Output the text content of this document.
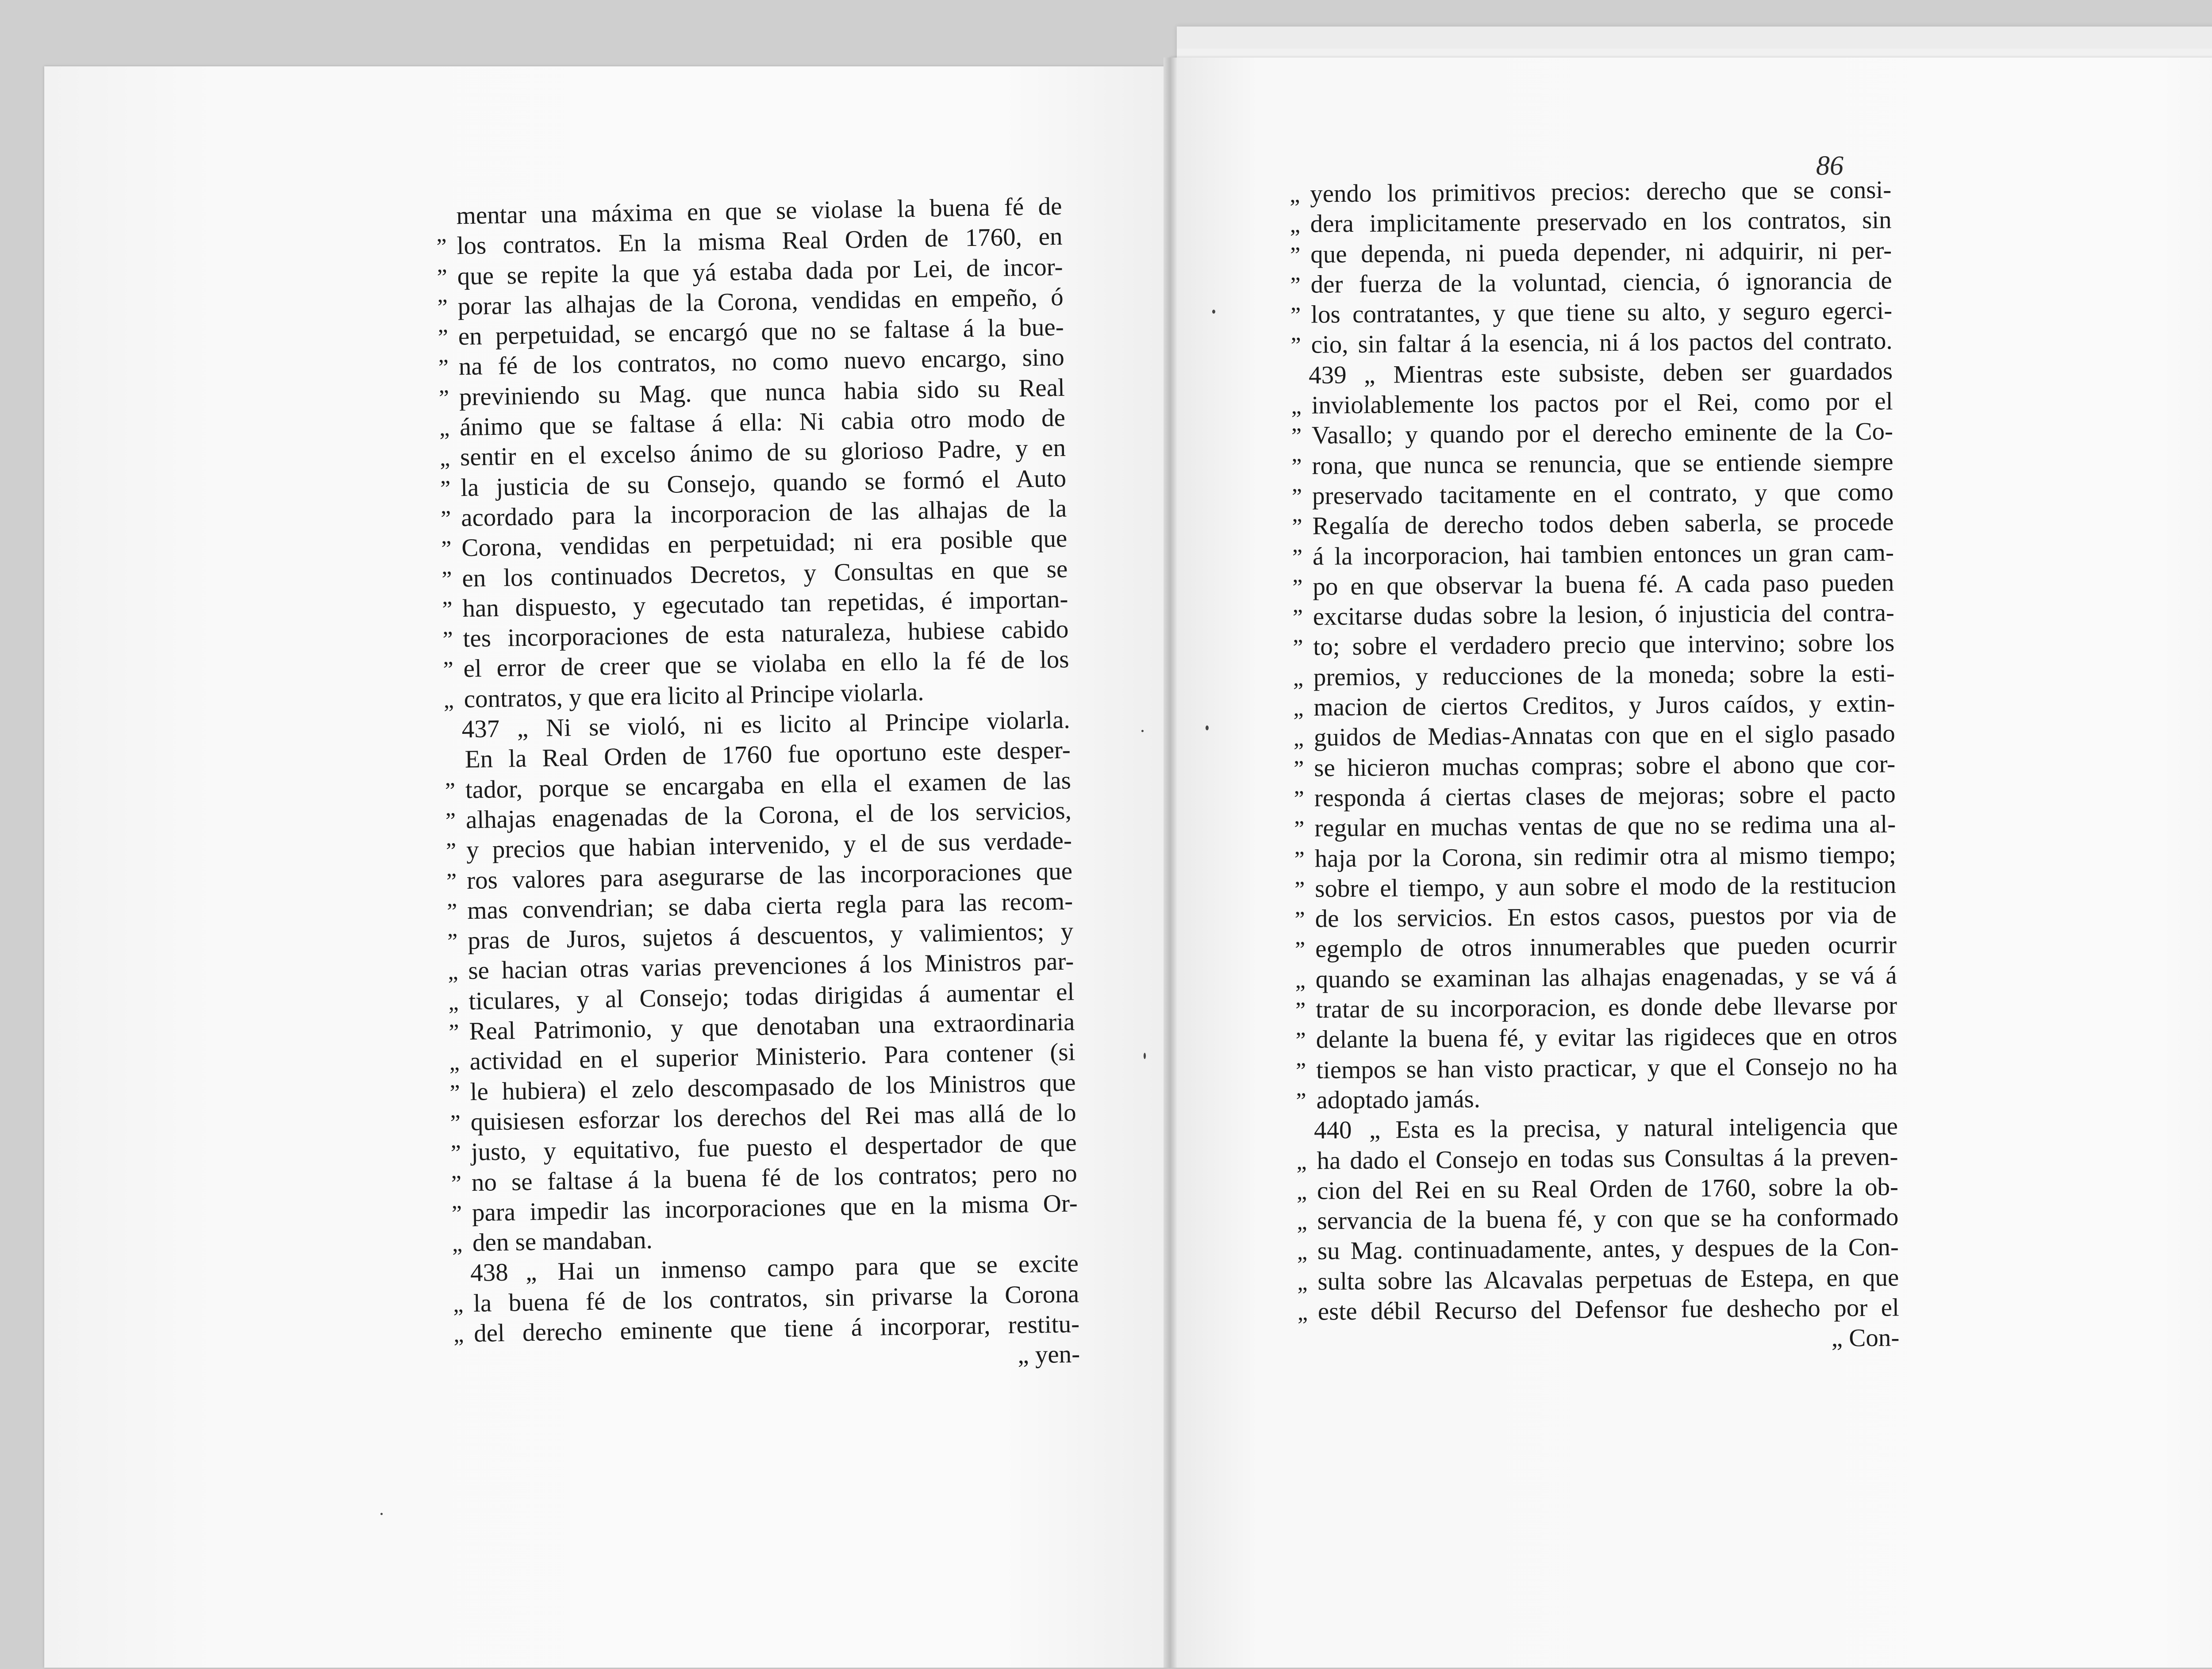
86
mentar una máxima en que se violase la buena fé de
” los contratos. En la misma Real Orden de 1760, en
” que se repite la que yá estaba dada por Lei, de incor-
” porar las alhajas de la Corona, vendidas en empeño, ó
” en perpetuidad, se encargó que no se faltase á la bue-
” na fé de los contratos, no como nuevo encargo, sino
” previniendo su Mag. que nunca habia sido su Real
„ ánimo que se faltase á ella: Ni cabia otro modo de
„ sentir en el excelso ánimo de su glorioso Padre, y en
” la justicia de su Consejo, quando se formó el Auto
” acordado para la incorporacion de las alhajas de la
” Corona, vendidas en perpetuidad; ni era posible que
” en los continuados Decretos, y Consultas en que se
” han dispuesto, y egecutado tan repetidas, é importan-
” tes incorporaciones de esta naturaleza, hubiese cabido
” el error de creer que se violaba en ello la fé de los
„ contratos, y que era licito al Principe violarla.
437 „ Ni se violó, ni es licito al Principe violarla.
En la Real Orden de 1760 fue oportuno este desper-
” tador, porque se encargaba en ella el examen de las
” alhajas enagenadas de la Corona, el de los servicios,
” y precios que habian intervenido, y el de sus verdade-
” ros valores para asegurarse de las incorporaciones que
” mas convendrian; se daba cierta regla para las recom-
” pras de Juros, sujetos á descuentos, y valimientos; y
„ se hacian otras varias prevenciones á los Ministros par-
„ ticulares, y al Consejo; todas dirigidas á aumentar el
” Real Patrimonio, y que denotaban una extraordinaria
„ actividad en el superior Ministerio. Para contener (si
” le hubiera) el zelo descompasado de los Ministros que
” quisiesen esforzar los derechos del Rei mas allá de lo
” justo, y equitativo, fue puesto el despertador de que
” no se faltase á la buena fé de los contratos; pero no
” para impedir las incorporaciones que en la misma Or-
„ den se mandaban.
438 „ Hai un inmenso campo para que se excite
„ la buena fé de los contratos, sin privarse la Corona
„ del derecho eminente que tiene á incorporar, restitu-
„ yen-
„ yendo los primitivos precios: derecho que se consi-
„ dera implicitamente preservado en los contratos, sin
” que dependa, ni pueda depender, ni adquirir, ni per-
” der fuerza de la voluntad, ciencia, ó ignorancia de
” los contratantes, y que tiene su alto, y seguro egerci-
” cio, sin faltar á la esencia, ni á los pactos del contrato.
439 „ Mientras este subsiste, deben ser guardados
„ inviolablemente los pactos por el Rei, como por el
” Vasallo; y quando por el derecho eminente de la Co-
” rona, que nunca se renuncia, que se entiende siempre
” preservado tacitamente en el contrato, y que como
” Regalía de derecho todos deben saberla, se procede
” á la incorporacion, hai tambien entonces un gran cam-
” po en que observar la buena fé. A cada paso pueden
” excitarse dudas sobre la lesion, ó injusticia del contra-
” to; sobre el verdadero precio que intervino; sobre los
„ premios, y reducciones de la moneda; sobre la esti-
„ macion de ciertos Creditos, y Juros caídos, y extin-
„ guidos de Medias-Annatas con que en el siglo pasado
” se hicieron muchas compras; sobre el abono que cor-
” responda á ciertas clases de mejoras; sobre el pacto
” regular en muchas ventas de que no se redima una al-
” haja por la Corona, sin redimir otra al mismo tiempo;
” sobre el tiempo, y aun sobre el modo de la restitucion
” de los servicios. En estos casos, puestos por via de
” egemplo de otros innumerables que pueden ocurrir
„ quando se examinan las alhajas enagenadas, y se vá á
” tratar de su incorporacion, es donde debe llevarse por
” delante la buena fé, y evitar las rigideces que en otros
” tiempos se han visto practicar, y que el Consejo no ha
” adoptado jamás.
440 „ Esta es la precisa, y natural inteligencia que
„ ha dado el Consejo en todas sus Consultas á la preven-
„ cion del Rei en su Real Orden de 1760, sobre la ob-
„ servancia de la buena fé, y con que se ha conformado
„ su Mag. continuadamente, antes, y despues de la Con-
„ sulta sobre las Alcavalas perpetuas de Estepa, en que
„ este débil Recurso del Defensor fue deshecho por el
„ Con-
